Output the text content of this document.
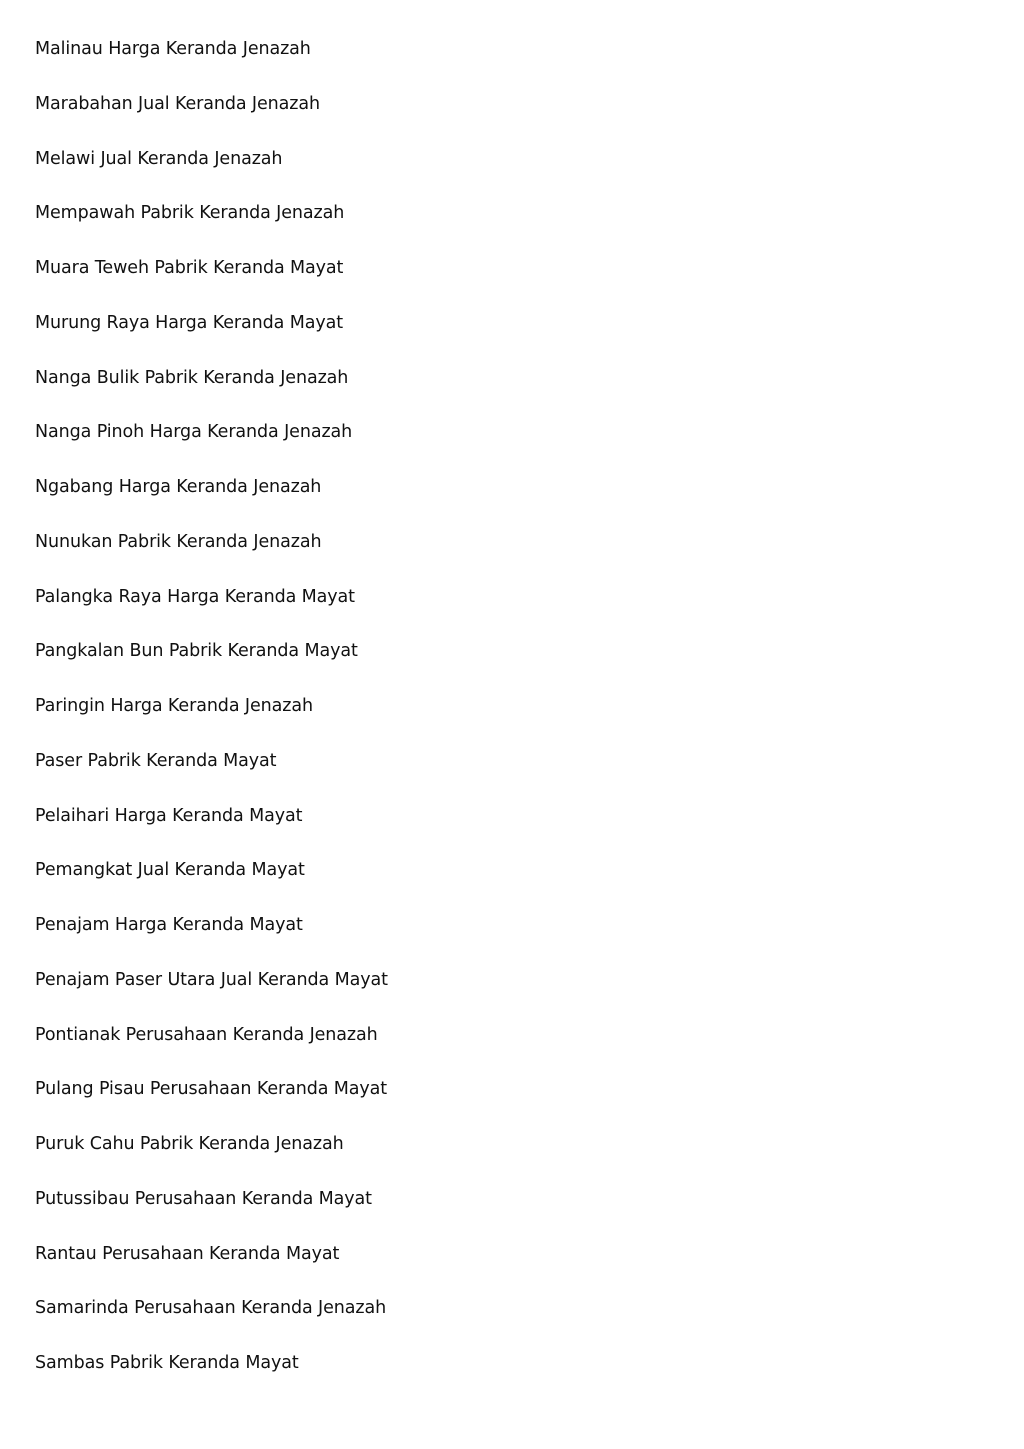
Malinau Harga Keranda Jenazah
Marabahan Jual Keranda Jenazah
Melawi Jual Keranda Jenazah
Mempawah Pabrik Keranda Jenazah
Muara Teweh Pabrik Keranda Mayat
Murung Raya Harga Keranda Mayat
Nanga Bulik Pabrik Keranda Jenazah
Nanga Pinoh Harga Keranda Jenazah
Ngabang Harga Keranda Jenazah
Nunukan Pabrik Keranda Jenazah
Palangka Raya Harga Keranda Mayat
Pangkalan Bun Pabrik Keranda Mayat
Paringin Harga Keranda Jenazah
Paser Pabrik Keranda Mayat
Pelaihari Harga Keranda Mayat
Pemangkat Jual Keranda Mayat
Penajam Harga Keranda Mayat
Penajam Paser Utara Jual Keranda Mayat
Pontianak Perusahaan Keranda Jenazah
Pulang Pisau Perusahaan Keranda Mayat
Puruk Cahu Pabrik Keranda Jenazah
Putussibau Perusahaan Keranda Mayat
Rantau Perusahaan Keranda Mayat
Samarinda Perusahaan Keranda Jenazah
Sambas Pabrik Keranda Mayat
